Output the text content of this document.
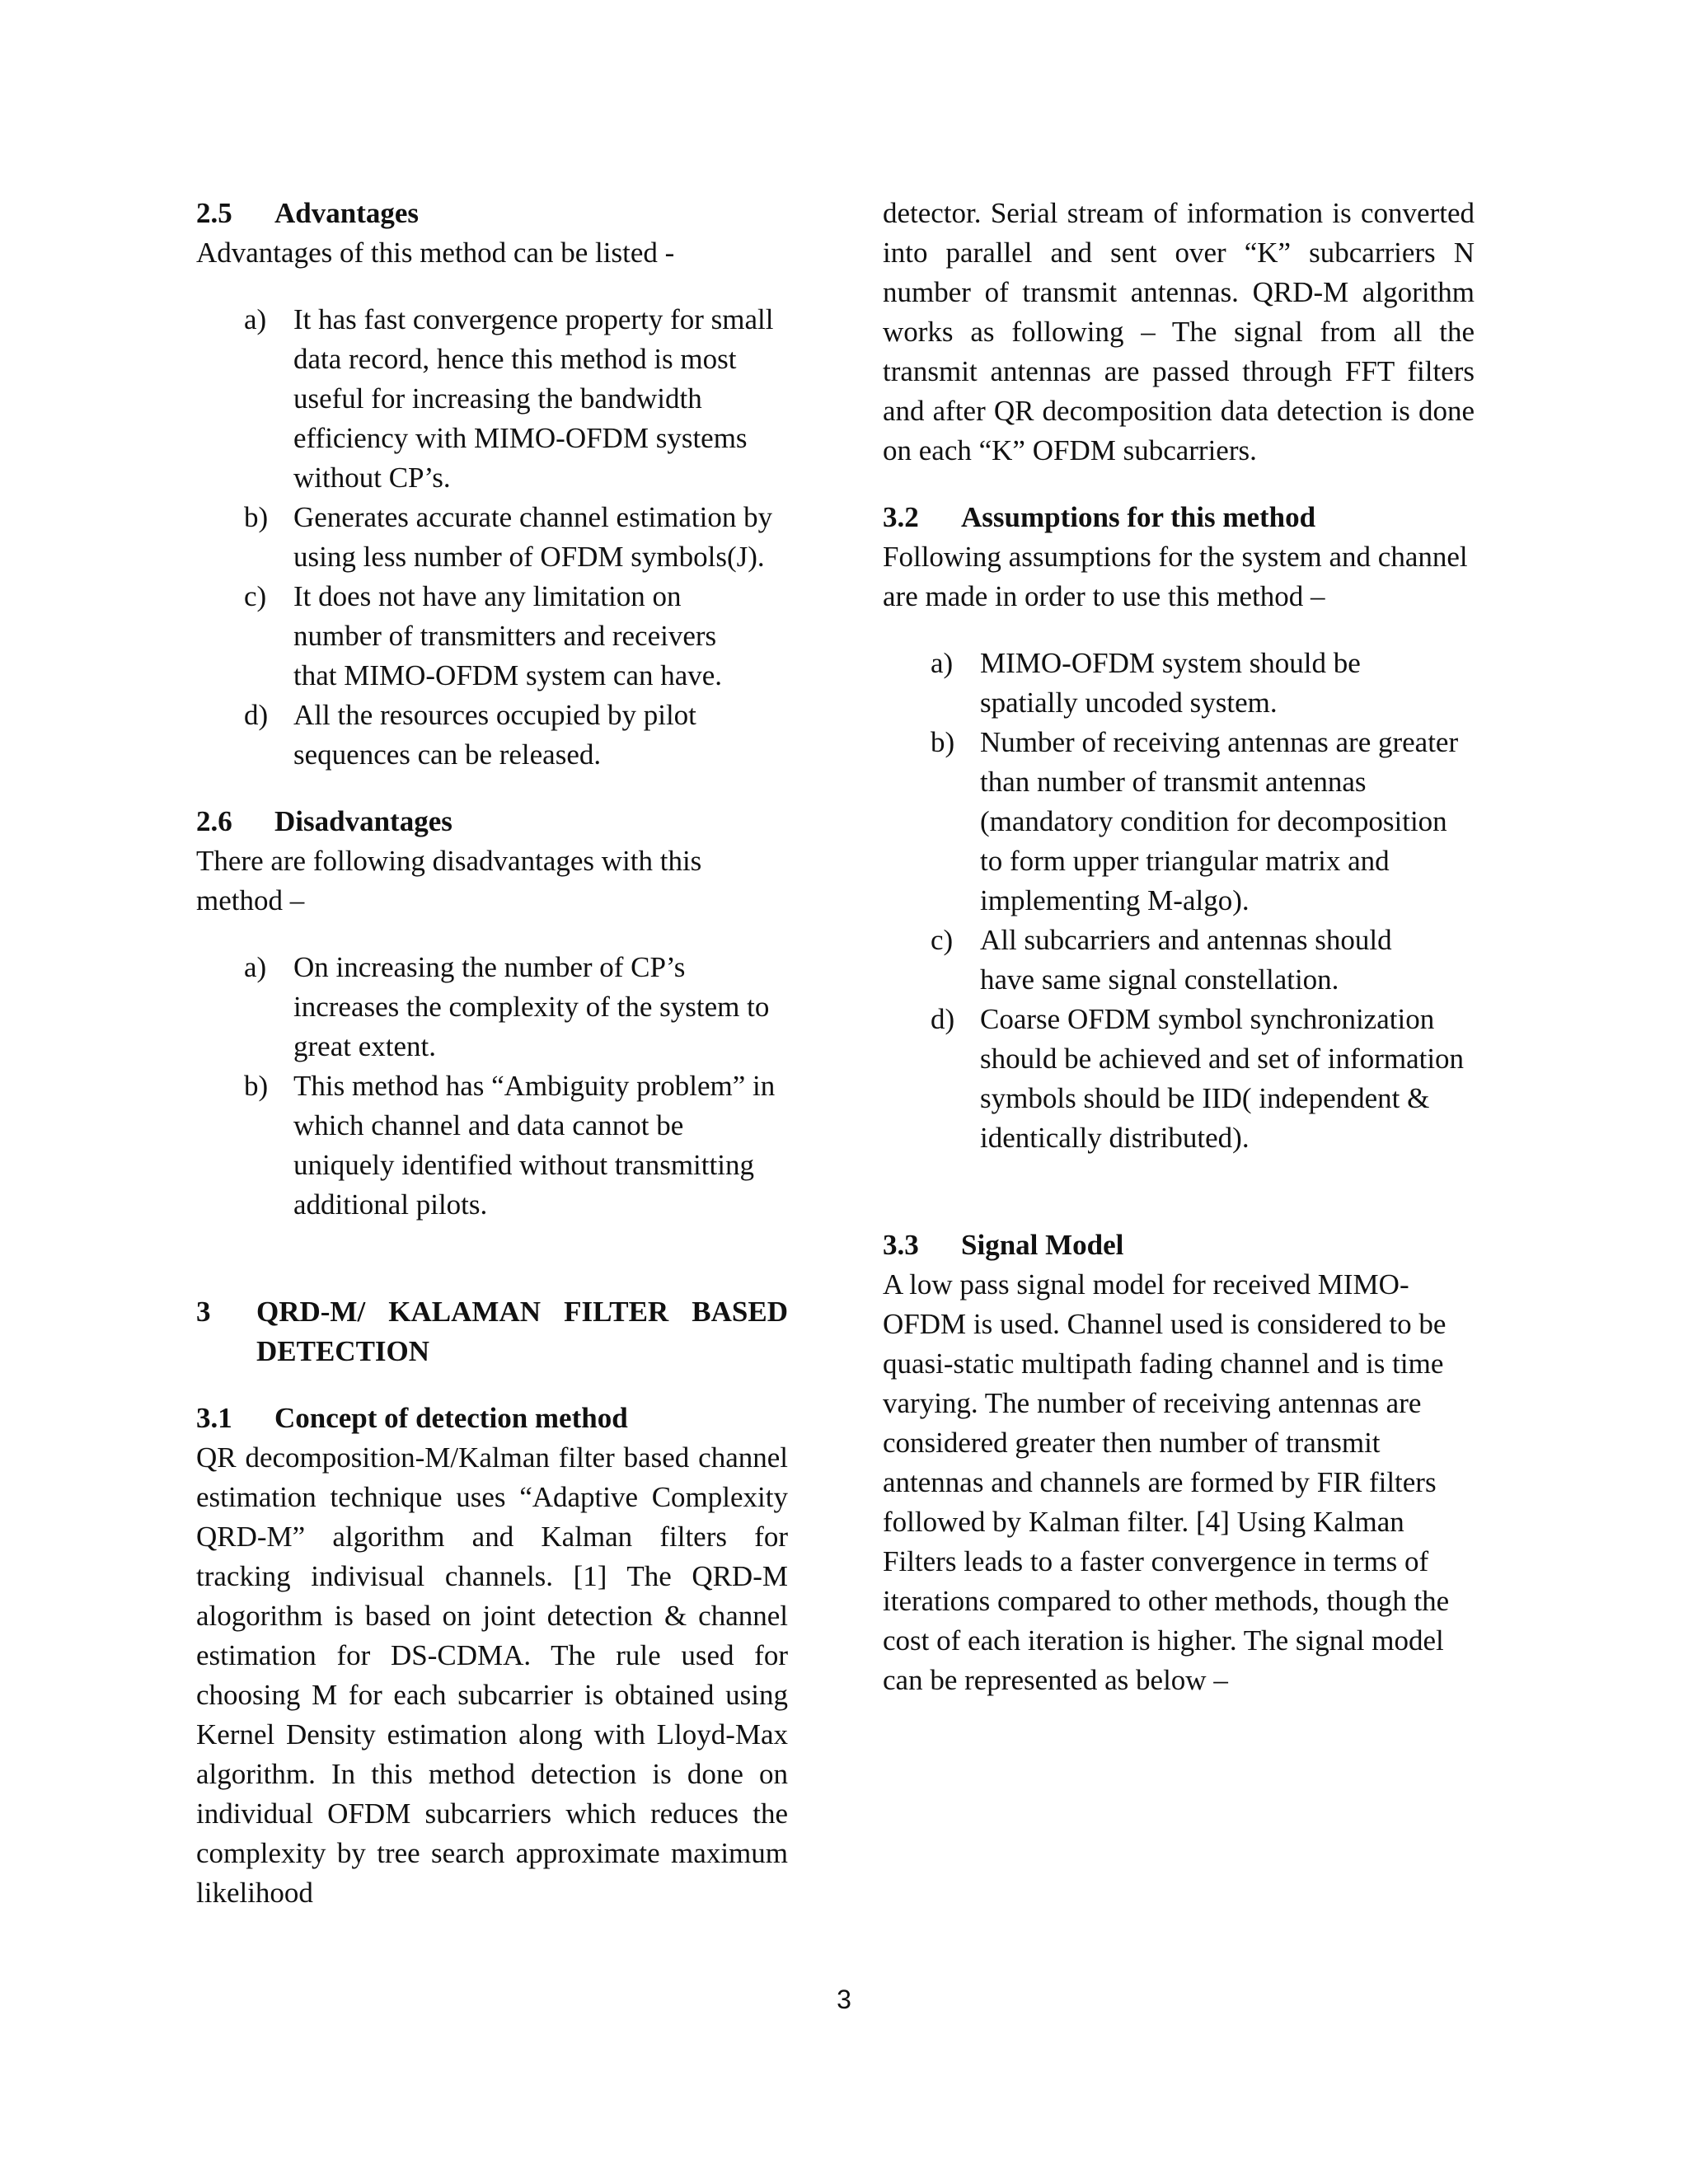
2.5	Advantages

Advantages of this method can be listed -

a) It has fast convergence property for small data record, hence this method is most useful for increasing the bandwidth efficiency with MIMO-OFDM systems without CP’s.
b) Generates accurate channel estimation by using less number of OFDM symbols(J).
c) It does not have any limitation on number of transmitters and receivers that MIMO-OFDM system can have.
d) All the resources occupied by pilot sequences can be released.
2.6	Disadvantages

There are following disadvantages with this method –

a) On increasing the number of CP’s increases the complexity of the system to great extent.
b) This method has “Ambiguity problem” in which channel and data cannot be uniquely identified without transmitting additional pilots.
3	QRD-M/ KALAMAN FILTER BASED
DETECTION
3.1	Concept of detection method

QR decomposition-M/Kalman filter based channel estimation technique uses “Adaptive Complexity QRD-M” algorithm and Kalman filters for tracking indivisual channels. [1] The QRD-M alogorithm is based on joint detection & channel estimation for DS-CDMA. The rule used for choosing M for each subcarrier is obtained using Kernel Density estimation along with Lloyd-Max algorithm. In this method detection is done on individual OFDM subcarriers which reduces the complexity by tree search approximate maximum likelihood

detector. Serial stream of information is converted into parallel and sent over “K” subcarriers N number of transmit antennas. QRD-M algorithm works as following – The signal from all the transmit antennas are passed through FFT filters and after QR decomposition data detection is done on each “K” OFDM subcarriers.

3.2	Assumptions for this method

Following assumptions for the system and channel are made in order to use this method –

a) MIMO-OFDM system should be spatially uncoded system.
b) Number of receiving antennas are greater than number of transmit antennas (mandatory condition for decomposition to form upper triangular matrix and implementing M-algo).
c) All subcarriers and antennas should have same signal constellation.
d) Coarse OFDM symbol synchronization should be achieved and set of information symbols should be IID( independent & identically distributed).
3.3	Signal Model

A low pass signal model for received MIMO-OFDM is used. Channel used is considered to be quasi-static multipath fading channel and is time varying. The number of receiving antennas are considered greater then number of transmit antennas and channels are formed by FIR filters followed by Kalman filter. [4] Using Kalman Filters leads to a faster convergence in terms of iterations compared to other methods, though the cost of each iteration is higher. The signal model can be represented as below –

3
